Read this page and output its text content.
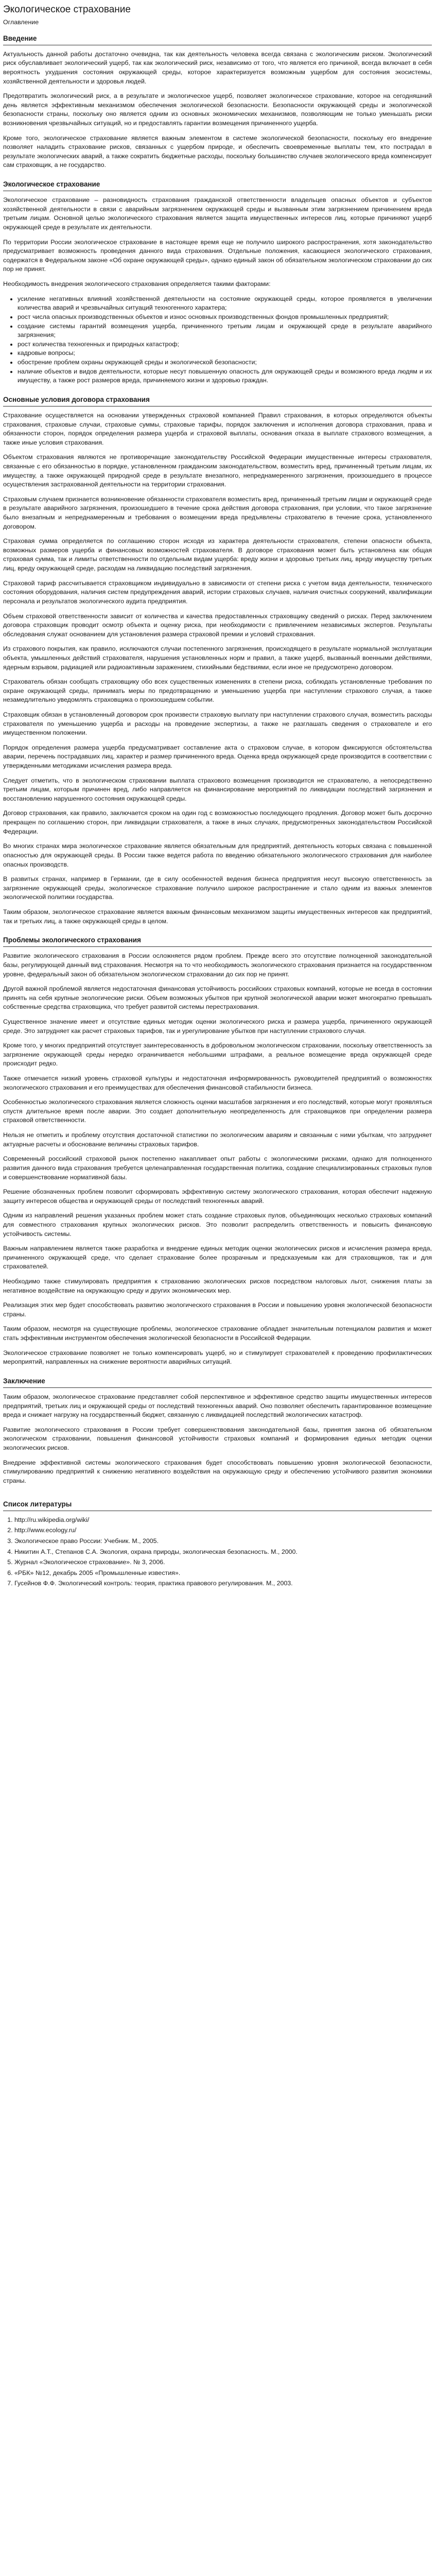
Экологическое страхование
Оглавление
Введение

Актуальность данной работы достаточно очевидна, так как деятельность человека всегда связана с экологическим риском. Экологический риск обуславливает экологический ущерб, так как экологический риск, независимо от того, что является его причиной, всегда включает в себя вероятность ухудшения состояния окружающей среды, которое характеризуется возможным ущербом для состояния экосистемы, хозяйственной деятельности и здоровья людей.

Предотвратить экологический риск, а в результате и экологическое ущерб, позволяет экологическое страхование, которое на сегодняшний день является эффективным механизмом обеспечения экологической безопасности. Безопасности окружающей среды и экологической безопасности страны, поскольку оно является одним из основных экономических механизмов, позволяющим не только уменьшать риски возникновения чрезвычайных ситуаций, но и предоставлять гарантии возмещения причиненного ущерба.

Кроме того, экологическое страхование является важным элементом в системе экологической безопасности, поскольку его внедрение позволяет наладить страхование рисков, связанных с ущербом природе, и обеспечить своевременные выплаты тем, кто пострадал в результате экологических аварий, а также сократить бюджетные расходы, поскольку большинство случаев экологического вреда компенсирует сам страховщик, а не государство.

Экологическое страхование

Экологическое страхование – разновидность страхования гражданской ответственности владельцев опасных объектов и субъектов хозяйственной деятельности в связи с аварийным загрязнением окружающей среды и вызванным этим загрязнением причинением вреда третьим лицам. Основной целью экологического страхования является защита имущественных интересов лиц, которые причиняют ущерб окружающей среде в результате их деятельности.

По территории России экологическое страхование в настоящее время еще не получило широкого распространения, хотя законодательство предусматривает возможность проведения данного вида страхования. Отдельные положения, касающиеся экологического страхования, содержатся в Федеральном законе «Об охране окружающей среды», однако единый закон об обязательном экологическом страховании до сих пор не принят.

Необходимость внедрения экологического страхования определяется такими факторами:

• усиление негативных влияний хозяйственной деятельности на состояние окружающей среды, которое проявляется в увеличении количества аварий и чрезвычайных ситуаций техногенного характера;
• рост числа опасных производственных объектов и износ основных производственных фондов промышленных предприятий;
• создание системы гарантий возмещения ущерба, причиненного третьим лицам и окружающей среде в результате аварийного загрязнения;
• рост количества техногенных и природных катастроф;
• кадровые вопросы;
• обострение проблем охраны окружающей среды и экологической безопасности;
• наличие объектов и видов деятельности, которые несут повышенную опасность для окружающей среды и возможного вреда людям и их имуществу, а также рост размеров вреда, причиняемого жизни и здоровью граждан.
Основные условия договора страхования

Страхование осуществляется на основании утвержденных страховой компанией Правил страхования, в которых определяются объекты страхования, страховые случаи, страховые суммы, страховые тарифы, порядок заключения и исполнения договора страхования, права и обязанности сторон, порядок определения размера ущерба и страховой выплаты, основания отказа в выплате страхового возмещения, а также иные условия страхования.

Объектом страхования являются не противоречащие законодательству Российской Федерации имущественные интересы страхователя, связанные с его обязанностью в порядке, установленном гражданским законодательством, возместить вред, причиненный третьим лицам, их имуществу, а также окружающей природной среде в результате внезапного, непреднамеренного загрязнения, произошедшего в процессе осуществления застрахованной деятельности на территории страхования.

Страховым случаем признается возникновение обязанности страхователя возместить вред, причиненный третьим лицам и окружающей среде в результате аварийного загрязнения, произошедшего в течение срока действия договора страхования, при условии, что такое загрязнение было внезапным и непреднамеренным и требования о возмещении вреда предъявлены страхователю в течение срока, установленного договором.

Страховая сумма определяется по соглашению сторон исходя из характера деятельности страхователя, степени опасности объекта, возможных размеров ущерба и финансовых возможностей страхователя. В договоре страхования может быть установлена как общая страховая сумма, так и лимиты ответственности по отдельным видам ущерба: вреду жизни и здоровью третьих лиц, вреду имуществу третьих лиц, вреду окружающей среде, расходам на ликвидацию последствий загрязнения.

Страховой тариф рассчитывается страховщиком индивидуально в зависимости от степени риска с учетом вида деятельности, технического состояния оборудования, наличия систем предупреждения аварий, истории страховых случаев, наличия очистных сооружений, квалификации персонала и результатов экологического аудита предприятия.

Объем страховой ответственности зависит от количества и качества предоставленных страховщику сведений о рисках. Перед заключением договора страховщик проводит осмотр объекта и оценку риска, при необходимости с привлечением независимых экспертов. Результаты обследования служат основанием для установления размера страховой премии и условий страхования.

Из страхового покрытия, как правило, исключаются случаи постепенного загрязнения, происходящего в результате нормальной эксплуатации объекта, умышленных действий страхователя, нарушения установленных норм и правил, а также ущерб, вызванный военными действиями, ядерным взрывом, радиацией или радиоактивным заражением, стихийными бедствиями, если иное не предусмотрено договором.

Страхователь обязан сообщать страховщику обо всех существенных изменениях в степени риска, соблюдать установленные требования по охране окружающей среды, принимать меры по предотвращению и уменьшению ущерба при наступлении страхового случая, а также незамедлительно уведомлять страховщика о произошедшем событии.

Страховщик обязан в установленный договором срок произвести страховую выплату при наступлении страхового случая, возместить расходы страхователя по уменьшению ущерба и расходы на проведение экспертизы, а также не разглашать сведения о страхователе и его имущественном положении.

Порядок определения размера ущерба предусматривает составление акта о страховом случае, в котором фиксируются обстоятельства аварии, перечень пострадавших лиц, характер и размер причиненного вреда. Оценка вреда окружающей среде производится в соответствии с утвержденными методиками исчисления размера вреда.

Следует отметить, что в экологическом страховании выплата страхового возмещения производится не страхователю, а непосредственно третьим лицам, которым причинен вред, либо направляется на финансирование мероприятий по ликвидации последствий загрязнения и восстановлению нарушенного состояния окружающей среды.

Договор страхования, как правило, заключается сроком на один год с возможностью последующего продления. Договор может быть досрочно прекращен по соглашению сторон, при ликвидации страхователя, а также в иных случаях, предусмотренных законодательством Российской Федерации.

Во многих странах мира экологическое страхование является обязательным для предприятий, деятельность которых связана с повышенной опасностью для окружающей среды. В России также ведется работа по введению обязательного экологического страхования для наиболее опасных производств.

В развитых странах, например в Германии, где в силу особенностей ведения бизнеса предприятия несут высокую ответственность за загрязнение окружающей среды, экологическое страхование получило широкое распространение и стало одним из важных элементов экологической политики государства.

Таким образом, экологическое страхование является важным финансовым механизмом защиты имущественных интересов как предприятий, так и третьих лиц, а также окружающей среды в целом.

Проблемы экологического страхования

Развитие экологического страхования в России осложняется рядом проблем. Прежде всего это отсутствие полноценной законодательной базы, регулирующей данный вид страхования. Несмотря на то что необходимость экологического страхования признается на государственном уровне, федеральный закон об обязательном экологическом страховании до сих пор не принят.

Другой важной проблемой является недостаточная финансовая устойчивость российских страховых компаний, которые не всегда в состоянии принять на себя крупные экологические риски. Объем возможных убытков при крупной экологической аварии может многократно превышать собственные средства страховщика, что требует развитой системы перестрахования.

Существенное значение имеет и отсутствие единых методик оценки экологического риска и размера ущерба, причиненного окружающей среде. Это затрудняет как расчет страховых тарифов, так и урегулирование убытков при наступлении страхового случая.

Кроме того, у многих предприятий отсутствует заинтересованность в добровольном экологическом страховании, поскольку ответственность за загрязнение окружающей среды нередко ограничивается небольшими штрафами, а реальное возмещение вреда окружающей среде происходит редко.

Также отмечается низкий уровень страховой культуры и недостаточная информированность руководителей предприятий о возможностях экологического страхования и его преимуществах для обеспечения финансовой стабильности бизнеса.

Особенностью экологического страхования является сложность оценки масштабов загрязнения и его последствий, которые могут проявляться спустя длительное время после аварии. Это создает дополнительную неопределенность для страховщиков при определении размера страховой ответственности.

Нельзя не отметить и проблему отсутствия достаточной статистики по экологическим авариям и связанным с ними убыткам, что затрудняет актуарные расчеты и обоснование величины страховых тарифов.

Современный российский страховой рынок постепенно накапливает опыт работы с экологическими рисками, однако для полноценного развития данного вида страхования требуется целенаправленная государственная политика, создание специализированных страховых пулов и совершенствование нормативной базы.

Решение обозначенных проблем позволит сформировать эффективную систему экологического страхования, которая обеспечит надежную защиту интересов общества и окружающей среды от последствий техногенных аварий.

Одним из направлений решения указанных проблем может стать создание страховых пулов, объединяющих несколько страховых компаний для совместного страхования крупных экологических рисков. Это позволит распределить ответственность и повысить финансовую устойчивость системы.

Важным направлением является также разработка и внедрение единых методик оценки экологических рисков и исчисления размера вреда, причиненного окружающей среде, что сделает страхование более прозрачным и предсказуемым как для страховщиков, так и для страхователей.

Необходимо также стимулировать предприятия к страхованию экологических рисков посредством налоговых льгот, снижения платы за негативное воздействие на окружающую среду и других экономических мер.

Реализация этих мер будет способствовать развитию экологического страхования в России и повышению уровня экологической безопасности страны.

Таким образом, несмотря на существующие проблемы, экологическое страхование обладает значительным потенциалом развития и может стать эффективным инструментом обеспечения экологической безопасности в Российской Федерации.

Экологическое страхование позволяет не только компенсировать ущерб, но и стимулирует страхователей к проведению профилактических мероприятий, направленных на снижение вероятности аварийных ситуаций.

Заключение

Таким образом, экологическое страхование представляет собой перспективное и эффективное средство защиты имущественных интересов предприятий, третьих лиц и окружающей среды от последствий техногенных аварий. Оно позволяет обеспечить гарантированное возмещение вреда и снижает нагрузку на государственный бюджет, связанную с ликвидацией последствий экологических катастроф.

Развитие экологического страхования в России требует совершенствования законодательной базы, принятия закона об обязательном экологическом страховании, повышения финансовой устойчивости страховых компаний и формирования единых методик оценки экологических рисков.

Внедрение эффективной системы экологического страхования будет способствовать повышению уровня экологической безопасности, стимулированию предприятий к снижению негативного воздействия на окружающую среду и обеспечению устойчивого развития экономики страны.

Список литературы
1. http://ru.wikipedia.org/wiki/
2. http://www.ecology.ru/
3. Экологическое право России: Учебник. М., 2005.
4. Никитин А.Т., Степанов С.А. Экология, охрана природы, экологическая безопасность. М., 2000.
5. Журнал «Экологическое страхование». № 3, 2006.
6. «РБК» №12, декабрь 2005 «Промышленные известия».
7. Гусейнов Ф.Ф. Экологический контроль: теория, практика правового регулирования. М., 2003.
